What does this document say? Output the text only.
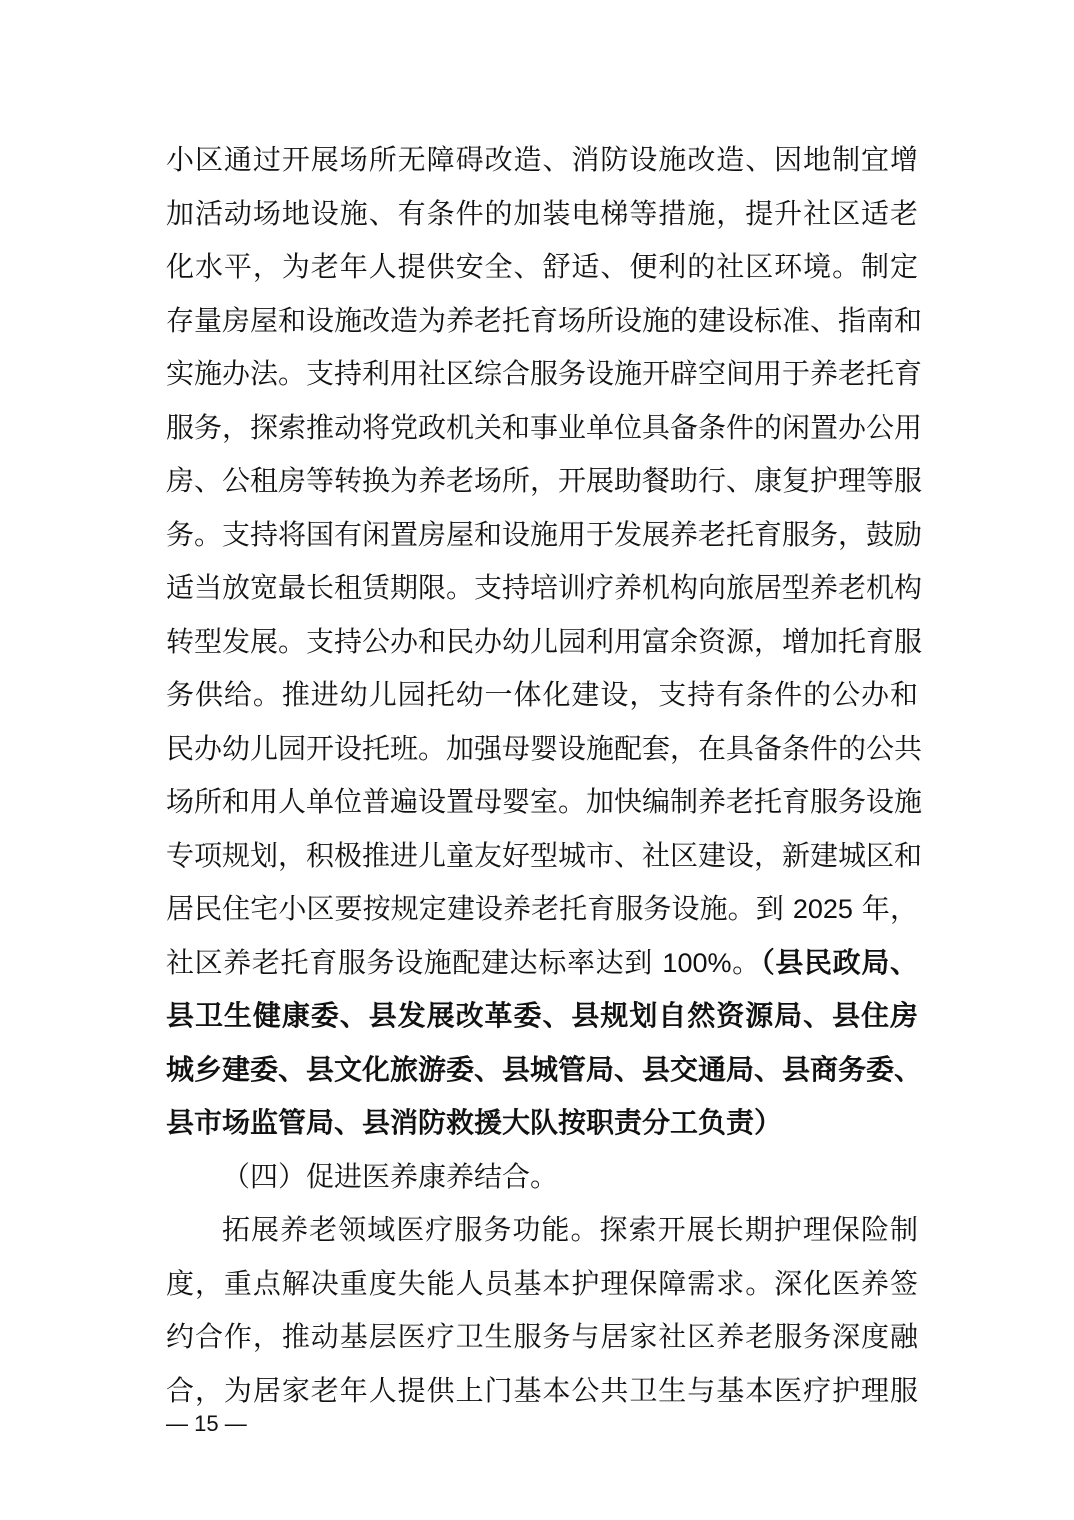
小区通过开展场所无障碍改造、消防设施改造、因地制宜增
加活动场地设施、有条件的加装电梯等措施，提升社区适老
化水平，为老年人提供安全、舒适、便利的社区环境。制定
存量房屋和设施改造为养老托育场所设施的建设标准、指南和
实施办法。支持利用社区综合服务设施开辟空间用于养老托育
服务，探索推动将党政机关和事业单位具备条件的闲置办公用
房、公租房等转换为养老场所，开展助餐助行、康复护理等服
务。支持将国有闲置房屋和设施用于发展养老托育服务，鼓励
适当放宽最长租赁期限。支持培训疗养机构向旅居型养老机构
转型发展。支持公办和民办幼儿园利用富余资源，增加托育服
务供给。推进幼儿园托幼一体化建设，支持有条件的公办和
民办幼儿园开设托班。加强母婴设施配套，在具备条件的公共
场所和用人单位普遍设置母婴室。加快编制养老托育服务设施
专项规划，积极推进儿童友好型城市、社区建设，新建城区和
居民住宅小区要按规定建设养老托育服务设施。到 2025 年，
社区养老托育服务设施配建达标率达到 100%。（县民政局、
县卫生健康委、县发展改革委、县规划自然资源局、县住房
城乡建委、县文化旅游委、县城管局、县交通局、县商务委、
县市场监管局、县消防救援大队按职责分工负责）
（四）促进医养康养结合。
拓展养老领域医疗服务功能。探索开展长期护理保险制
度，重点解决重度失能人员基本护理保障需求。深化医养签
约合作，推动基层医疗卫生服务与居家社区养老服务深度融
合，为居家老年人提供上门基本公共卫生与基本医疗护理服
— 15 —
